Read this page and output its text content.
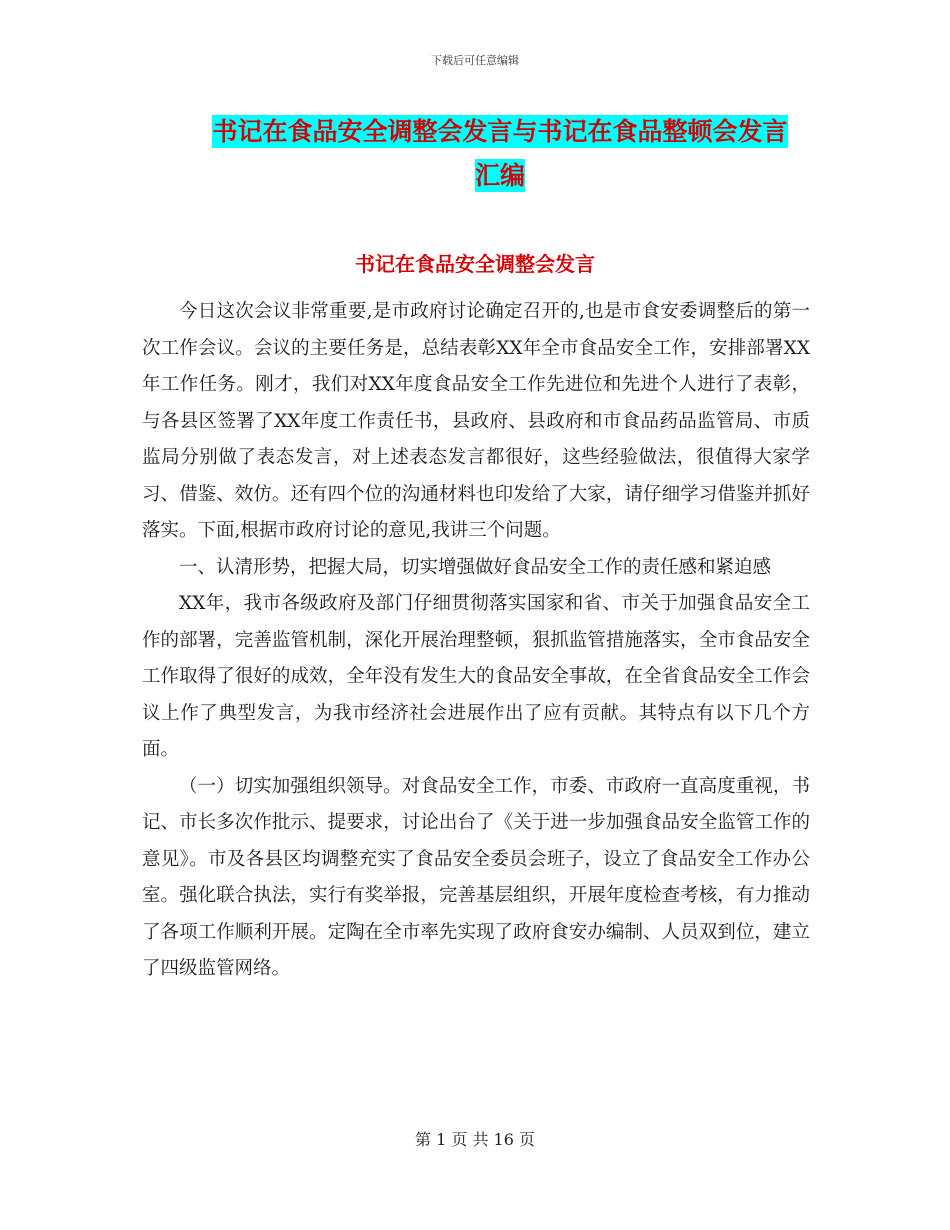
下载后可任意编辑
书记在食品安全调整会发言与书记在食品整顿会发言
汇编
书记在食品安全调整会发言

今日这次会议非常重要,是市政府讨论确定召开的,也是市食安委调整后的第一次工作会议。会议的主要任务是，总结表彰XX年全市食品安全工作，安排部署XX年工作任务。刚才，我们对XX年度食品安全工作先进位和先进个人进行了表彰，与各县区签署了XX年度工作责任书，县政府、县政府和市食品药品监管局、市质监局分别做了表态发言，对上述表态发言都很好，这些经验做法，很值得大家学习、借鉴、效仿。还有四个位的沟通材料也印发给了大家，请仔细学习借鉴并抓好落实。下面,根据市政府讨论的意见,我讲三个问题。

一、认清形势，把握大局，切实增强做好食品安全工作的责任感和紧迫感

XX年，我市各级政府及部门仔细贯彻落实国家和省、市关于加强食品安全工作的部署，完善监管机制，深化开展治理整顿，狠抓监管措施落实，全市食品安全工作取得了很好的成效，全年没有发生大的食品安全事故，在全省食品安全工作会议上作了典型发言，为我市经济社会进展作出了应有贡献。其特点有以下几个方面。

（一）切实加强组织领导。对食品安全工作，市委、市政府一直高度重视，书记、市长多次作批示、提要求，讨论出台了《关于进一步加强食品安全监管工作的意见》。市及各县区均调整充实了食品安全委员会班子，设立了食品安全工作办公室。强化联合执法，实行有奖举报，完善基层组织，开展年度检查考核，有力推动了各项工作顺利开展。定陶在全市率先实现了政府食安办编制、人员双到位，建立了四级监管网络。

第 1 页 共 16 页
